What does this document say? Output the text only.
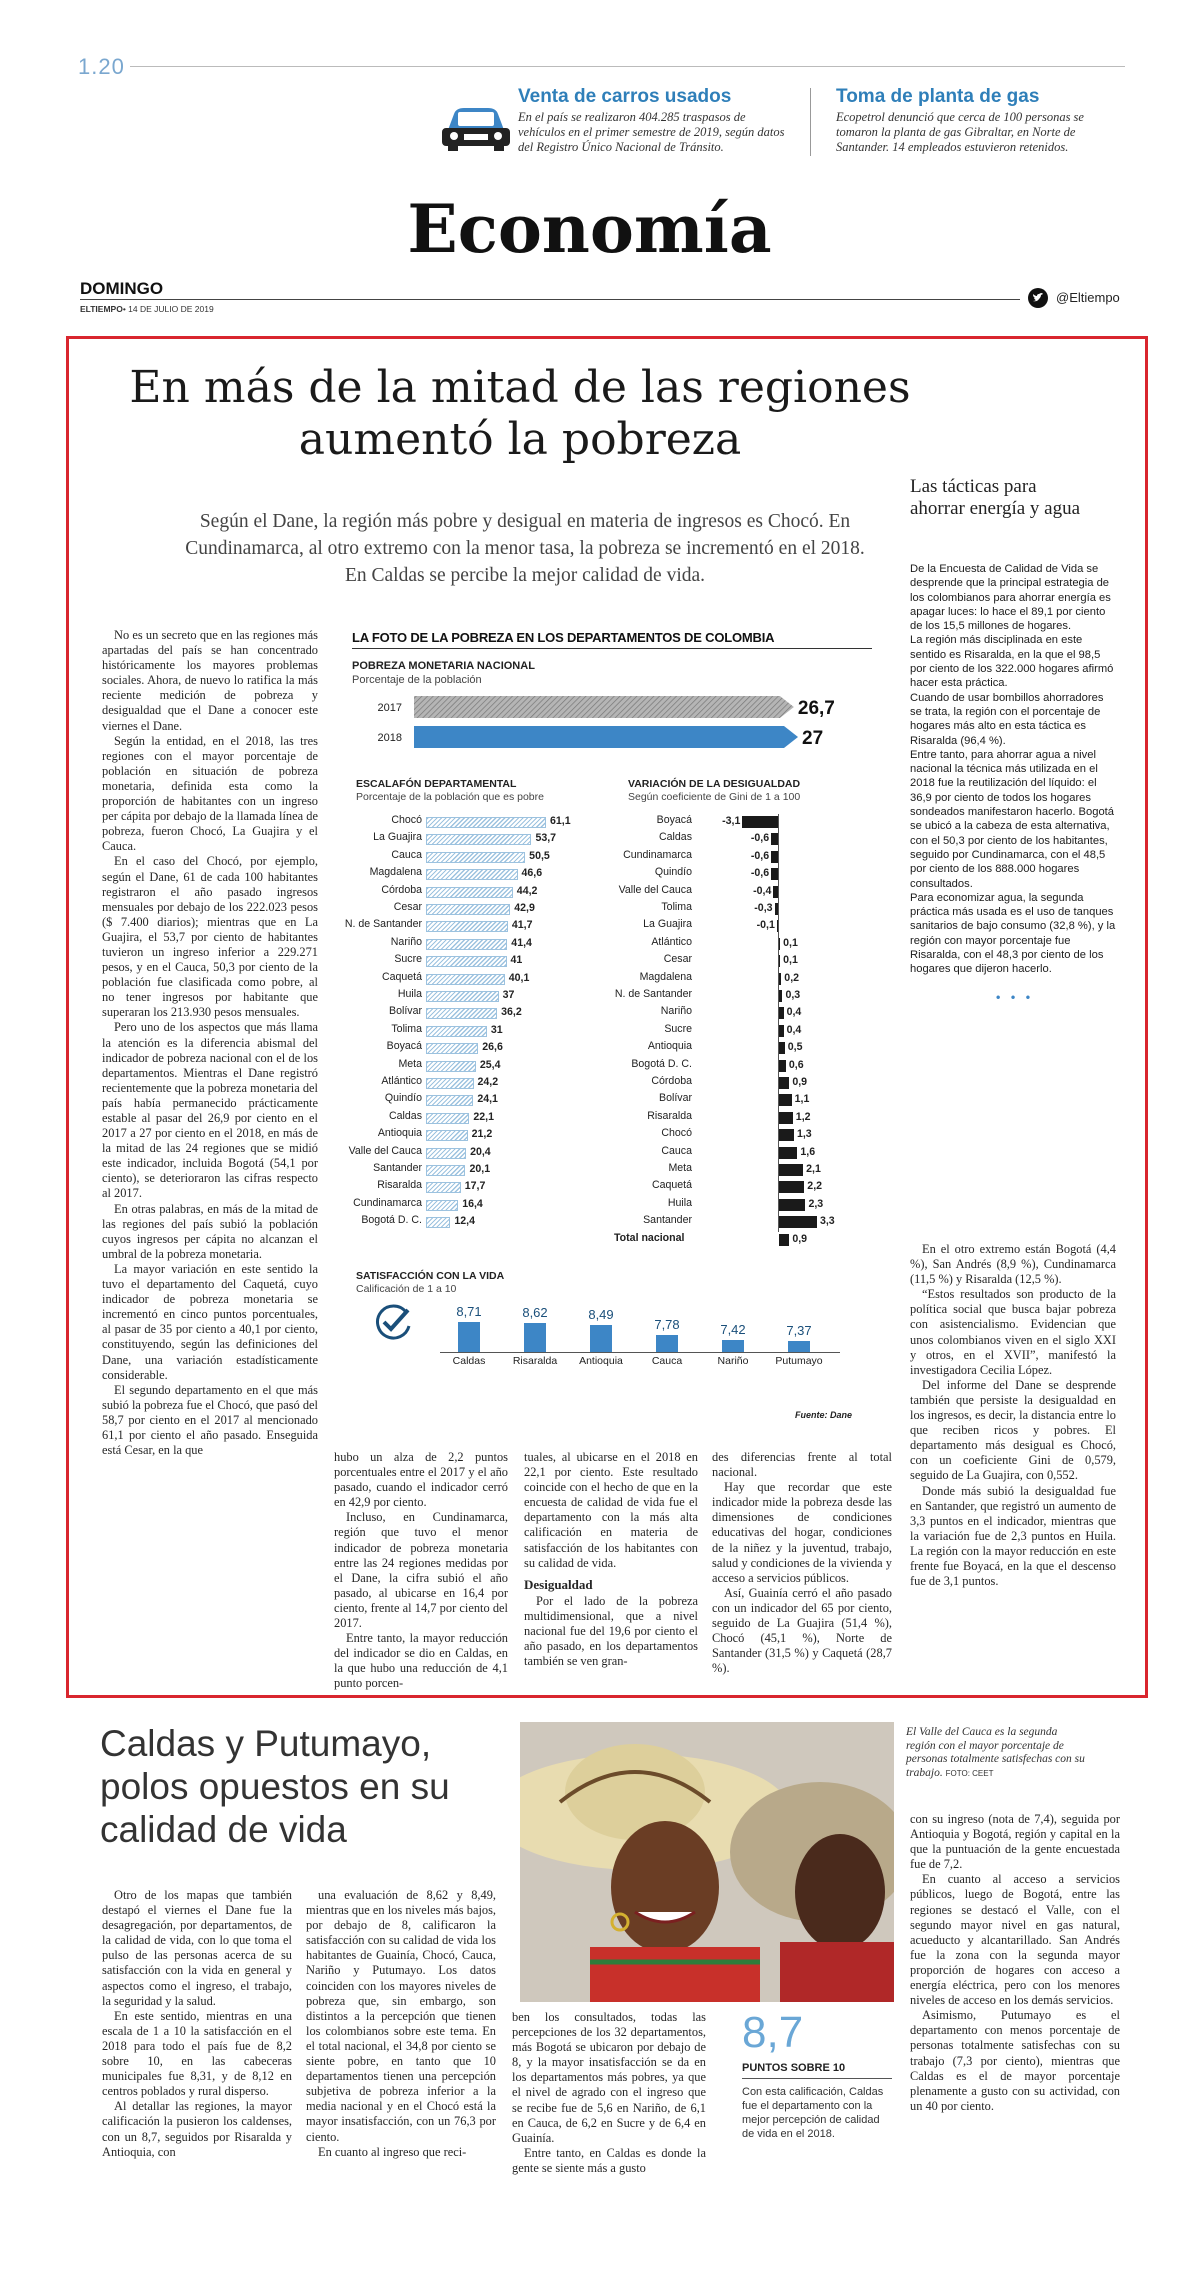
1.20
Venta de carros usados
En el país se realizaron 404.285 traspasos de vehículos en el primer semestre de 2019, según datos del Registro Único Nacional de Tránsito.
Toma de planta de gas
Ecopetrol denunció que cerca de 100 personas se tomaron la planta de gas Gibraltar, en Norte de Santander. 14 empleados estuvieron retenidos.
Economía
DOMINGO
ELTIEMPO• 14 DE JULIO DE 2019
@Eltiempo
En más de la mitad de las regiones aumentó la pobreza
Según el Dane, la región más pobre y desigual en materia de ingresos es Chocó. En Cundinamarca, al otro extremo con la menor tasa, la pobreza se incrementó en el 2018. En Caldas se percibe la mejor calidad de vida.
Las tácticas para ahorrar energía y agua
De la Encuesta de Calidad de Vida se desprende que la principal estrategia de los colombianos para ahorrar energía es apagar luces: lo hace el 89,1 por ciento de los 15,5 millones de hogares.
La región más disciplinada en este sentido es Risaralda, en la que el 98,5 por ciento de los 322.000 hogares afirmó hacer esta práctica.
Cuando de usar bombillos ahorradores se trata, la región con el porcentaje de hogares más alto en esta táctica es Risaralda (96,4 %).
Entre tanto, para ahorrar agua a nivel nacional la técnica más utilizada en el 2018 fue la reutilización del líquido: el 36,9 por ciento de todos los hogares sondeados manifestaron hacerlo. Bogotá se ubicó a la cabeza de esta alternativa, con el 50,3 por ciento de los habitantes, seguido por Cundinamarca, con el 48,5 por ciento de los 888.000 hogares consultados.
Para economizar agua, la segunda práctica más usada es el uso de tanques sanitarios de bajo consumo (32,8 %), y la región con mayor porcentaje fue Risaralda, con el 48,3 por ciento de los hogares que dijeron hacerlo.
• • •

No es un secreto que en las regiones más apartadas del país se han concentrado históricamente los mayores problemas sociales. Ahora, de nuevo lo ratifica la más reciente medición de pobreza y desigualdad que el Dane a conocer este viernes el Dane.

Según la entidad, en el 2018, las tres regiones con el mayor porcentaje de población en situación de pobreza monetaria, definida esta como la proporción de habitantes con un ingreso per cápita por debajo de la llamada línea de pobreza, fueron Chocó, La Guajira y el Cauca.

En el caso del Chocó, por ejemplo, según el Dane, 61 de cada 100 habitantes registraron el año pasado ingresos mensuales por debajo de los 222.023 pesos ($ 7.400 diarios); mientras que en La Guajira, el 53,7 por ciento de habitantes tuvieron un ingreso inferior a 229.271 pesos, y en el Cauca, 50,3 por ciento de la población fue clasificada como pobre, al no tener ingresos por habitante que superaran los 213.930 pesos mensuales.

Pero uno de los aspectos que más llama la atención es la diferencia abismal del indicador de pobreza nacional con el de los departamentos. Mientras el Dane registró recientemente que la pobreza monetaria del país había permanecido prácticamente estable al pasar del 26,9 por ciento en el 2017 a 27 por ciento en el 2018, en más de la mitad de las 24 regiones que se midió este indicador, incluida Bogotá (54,1 por ciento), se deterioraron las cifras respecto al 2017.

En otras palabras, en más de la mitad de las regiones del país subió la población cuyos ingresos per cápita no alcanzan el umbral de la pobreza monetaria.

La mayor variación en este sentido la tuvo el departamento del Caquetá, cuyo indicador de pobreza monetaria se incrementó en cinco puntos porcentuales, al pasar de 35 por ciento a 40,1 por ciento, constituyendo, según las definiciones del Dane, una variación estadísticamente considerable.

El segundo departamento en el que más subió la pobreza fue el Chocó, que pasó del 58,7 por ciento en el 2017 al mencionado 61,1 por ciento el año pasado. Enseguida está Cesar, en la que	hubo un alza de 2,2 puntos porcentuales entre el 2017 y el año pasado, cuando el indicador cerró en 42,9 por ciento.

Incluso, en Cundinamarca, región que tuvo el menor indicador de pobreza monetaria entre las 24 regiones medidas por el Dane, la cifra subió el año pasado, al ubicarse en 16,4 por ciento, frente al 14,7 por ciento del 2017.

Entre tanto, la mayor reducción del indicador se dio en Caldas, en la que hubo una reducción de 4,1 punto porcen-

tuales, al ubicarse en el 2018 en 22,1 por ciento. Este resultado coincide con el hecho de que en la encuesta de calidad de vida fue el departamento con la más alta calificación en materia de satisfacción de los habitantes con su calidad de vida.

Desigualdad

Por el lado de la pobreza multidimensional, que a nivel nacional fue del 19,6 por ciento el año pasado, en los departamentos también se ven gran-

des diferencias frente al total nacional.

Hay que recordar que este indicador mide la pobreza desde las dimensiones de condiciones educativas del hogar, condiciones de la niñez y la juventud, trabajo, salud y condiciones de la vivienda y acceso a servicios públicos.

Así, Guainía cerró el año pasado con un indicador del 65 por ciento, seguido de La Guajira (51,4 %), Chocó (45,1 %), Norte de Santander (31,5 %) y Caquetá (28,7 %).

En el otro extremo están Bogotá (4,4 %), San Andrés (8,9 %), Cundinamarca (11,5 %) y Risaralda (12,5 %).

“Estos resultados son producto de la política social que busca bajar pobreza con asistencialismo. Evidencian que unos colombianos viven en el siglo XXI y otros, en el XVII”, manifestó la investigadora Cecilia López.

Del informe del Dane se desprende también que persiste la desigualdad en los ingresos, es decir, la distancia entre lo que reciben ricos y pobres. El departamento más desigual es Chocó, con un coeficiente Gini de 0,579, seguido de La Guajira, con 0,552.

Donde más subió la desigualdad fue en Santander, que registró un aumento de 3,3 puntos en el indicador, mientras que la variación fue de 2,3 puntos en Huila. La región con la mayor reducción en este frente fue Boyacá, en la que el descenso fue de 3,1 puntos.

LA FOTO DE LA POBREZA EN LOS DEPARTAMENTOS DE COLOMBIA
POBREZA MONETARIA NACIONAL
Porcentaje de la población
2017	26,7
2018	27
ESCALAFÓN DEPARTAMENTAL
Porcentaje de la población que es pobre
Chocó	61,1
La Guajira	53,7
Cauca	50,5
Magdalena	46,6
Córdoba	44,2
Cesar	42,9
N. de Santander	41,7
Nariño	41,4
Sucre	41
Caquetá	40,1
Huila	37
Bolívar	36,2
Tolima	31
Boyacá	26,6
Meta	25,4
Atlántico	24,2
Quindío	24,1
Caldas	22,1
Antioquia	21,2
Valle del Cauca	20,4
Santander	20,1
Risaralda	17,7
Cundinamarca	16,4
Bogotá D. C.	12,4
VARIACIÓN DE LA DESIGUALDAD
Según coeficiente de Gini de 1 a 100
Boyacá	-3,1
Caldas	-0,6
Cundinamarca	-0,6
Quindío	-0,6
Valle del Cauca	-0,4
Tolima	-0,3
La Guajira	-0,1
Atlántico	0,1
Cesar	0,1
Magdalena	0,2
N. de Santander	0,3
Nariño	0,4
Sucre	0,4
Antioquia	0,5
Bogotá D. C.	0,6
Córdoba	0,9
Bolívar	1,1
Risaralda	1,2
Chocó	1,3
Cauca	1,6
Meta	2,1
Caquetá	2,2
Huila	2,3
Santander	3,3
Total nacional	0,9
SATISFACCIÓN CON LA VIDA
Calificación de 1 a 10
8,71
Caldas
8,62
Risaralda
8,49
Antioquia
7,78
Cauca
7,42
Nariño
7,37
Putumayo
Fuente: Dane
Caldas y Putumayo, polos opuestos en su calidad de vida

Otro de los mapas que también destapó el viernes el Dane fue la desagregación, por departamentos, de la calidad de vida, con lo que toma el pulso de las personas acerca de su satisfacción con la vida en general y aspectos como el ingreso, el trabajo, la seguridad y la salud.

En este sentido, mientras en una escala de 1 a 10 la satisfacción en el 2018 para todo el país fue de 8,2 sobre 10, en las cabeceras municipales fue 8,31, y de 8,12 en centros poblados y rural disperso.

Al detallar las regiones, la mayor calificación la pusieron los caldenses, con un 8,7, seguidos por Risaralda y Antioquia, con

una evaluación de 8,62 y 8,49, mientras que en los niveles más bajos, por debajo de 8, calificaron la satisfacción con su calidad de vida los habitantes de Guainía, Chocó, Cauca, Nariño y Putumayo. Los datos coinciden con los mayores niveles de pobreza que, sin embargo, son distintos a la percepción que tienen los colombianos sobre este tema. En el total nacional, el 34,8 por ciento se siente pobre, en tanto que 10 departamentos tienen una percepción subjetiva de pobreza inferior a la media nacional y en el Chocó está la mayor insatisfacción, con un 76,3 por ciento.

En cuanto al ingreso que reci-

ben los consultados, todas las percepciones de los 32 departamentos, más Bogotá se ubicaron por debajo de 8, y la mayor insatisfacción se da en los departamentos más pobres, ya que el nivel de agrado con el ingreso que se recibe fue de 5,6 en Nariño, de 6,1 en Cauca, de 6,2 en Sucre y de 6,4 en Guainía.

Entre tanto, en Caldas es donde la gente se siente más a gusto

El Valle del Cauca es la segunda región con el mayor porcentaje de personas totalmente satisfechas con su trabajo. FOTO: CEET
8,7
PUNTOS SOBRE 10
Con esta calificación, Caldas fue el departamento con la mejor percepción de calidad de vida en el 2018.

con su ingreso (nota de 7,4), seguida por Antioquia y Bogotá, región y capital en la que la puntuación de la gente encuestada fue de 7,2.

En cuanto al acceso a servicios públicos, luego de Bogotá, entre las regiones se destacó el Valle, con el segundo mayor nivel en gas natural, acueducto y alcantarillado. San Andrés fue la zona con la segunda mayor proporción de hogares con acceso a energía eléctrica, pero con los menores niveles de acceso en los demás servicios.

Asimismo, Putumayo es el departamento con menos porcentaje de personas totalmente satisfechas con su trabajo (7,3 por ciento), mientras que Caldas es el de mayor porcentaje plenamente a gusto con su actividad, con un 40 por ciento.
